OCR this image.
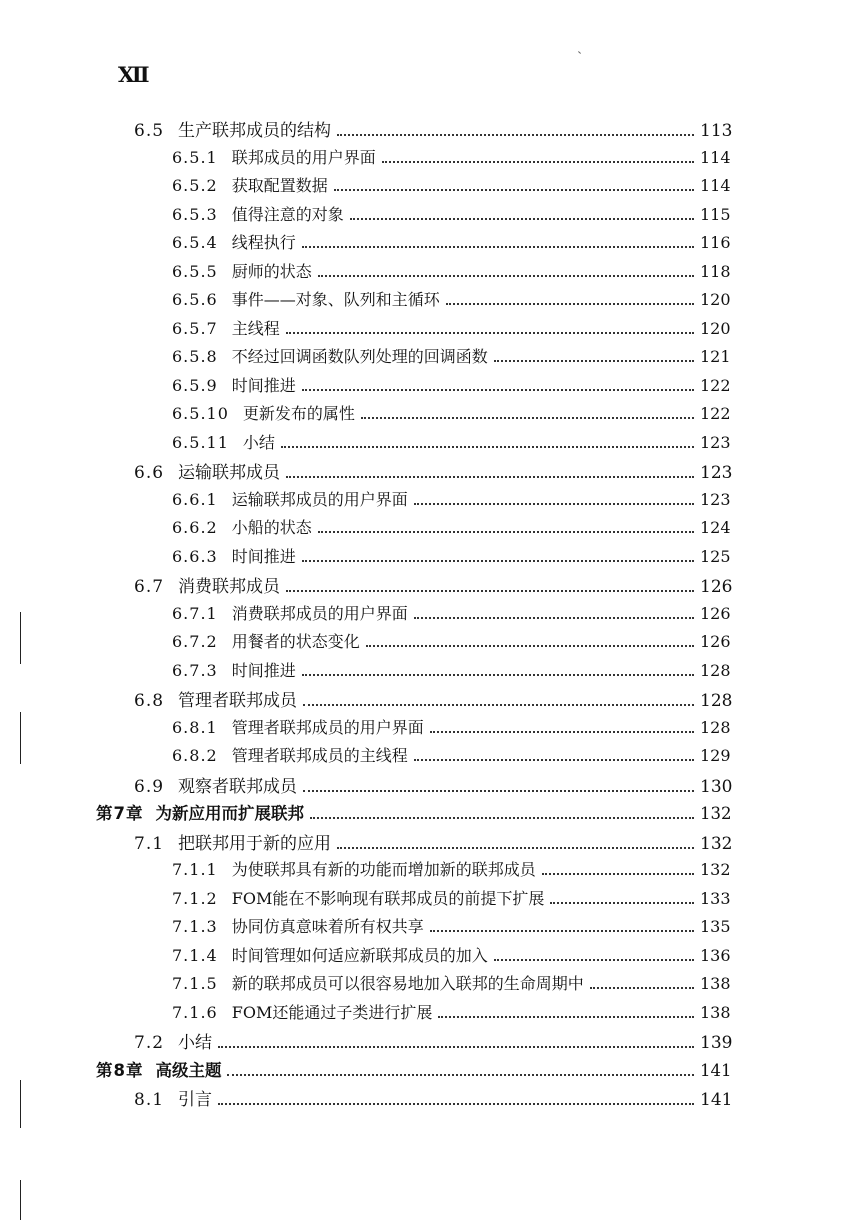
Ⅻ
6.5 生产联邦成员的结构	113
6.5.1 联邦成员的用户界面	114
6.5.2 获取配置数据	114
6.5.3 值得注意的对象	115
6.5.4 线程执行	116
6.5.5 厨师的状态	118
6.5.6 事件——对象、队列和主循环	120
6.5.7 主线程	120
6.5.8 不经过回调函数队列处理的回调函数	121
6.5.9 时间推进	122
6.5.10 更新发布的属性	122
6.5.11 小结	123
6.6 运输联邦成员	123
6.6.1 运输联邦成员的用户界面	123
6.6.2 小船的状态	124
6.6.3 时间推进	125
6.7 消费联邦成员	126
6.7.1 消费联邦成员的用户界面	126
6.7.2 用餐者的状态变化	126
6.7.3 时间推进	128
6.8 管理者联邦成员	128
6.8.1 管理者联邦成员的用户界面	128
6.8.2 管理者联邦成员的主线程	129
6.9 观察者联邦成员	130
第7章 为新应用而扩展联邦	132
7.1 把联邦用于新的应用	132
7.1.1 为使联邦具有新的功能而增加新的联邦成员	132
7.1.2 FOM能在不影响现有联邦成员的前提下扩展	133
7.1.3 协同仿真意味着所有权共享	135
7.1.4 时间管理如何适应新联邦成员的加入	136
7.1.5 新的联邦成员可以很容易地加入联邦的生命周期中	138
7.1.6 FOM还能通过子类进行扩展	138
7.2 小结	139
第8章 高级主题	141
8.1 引言	141
